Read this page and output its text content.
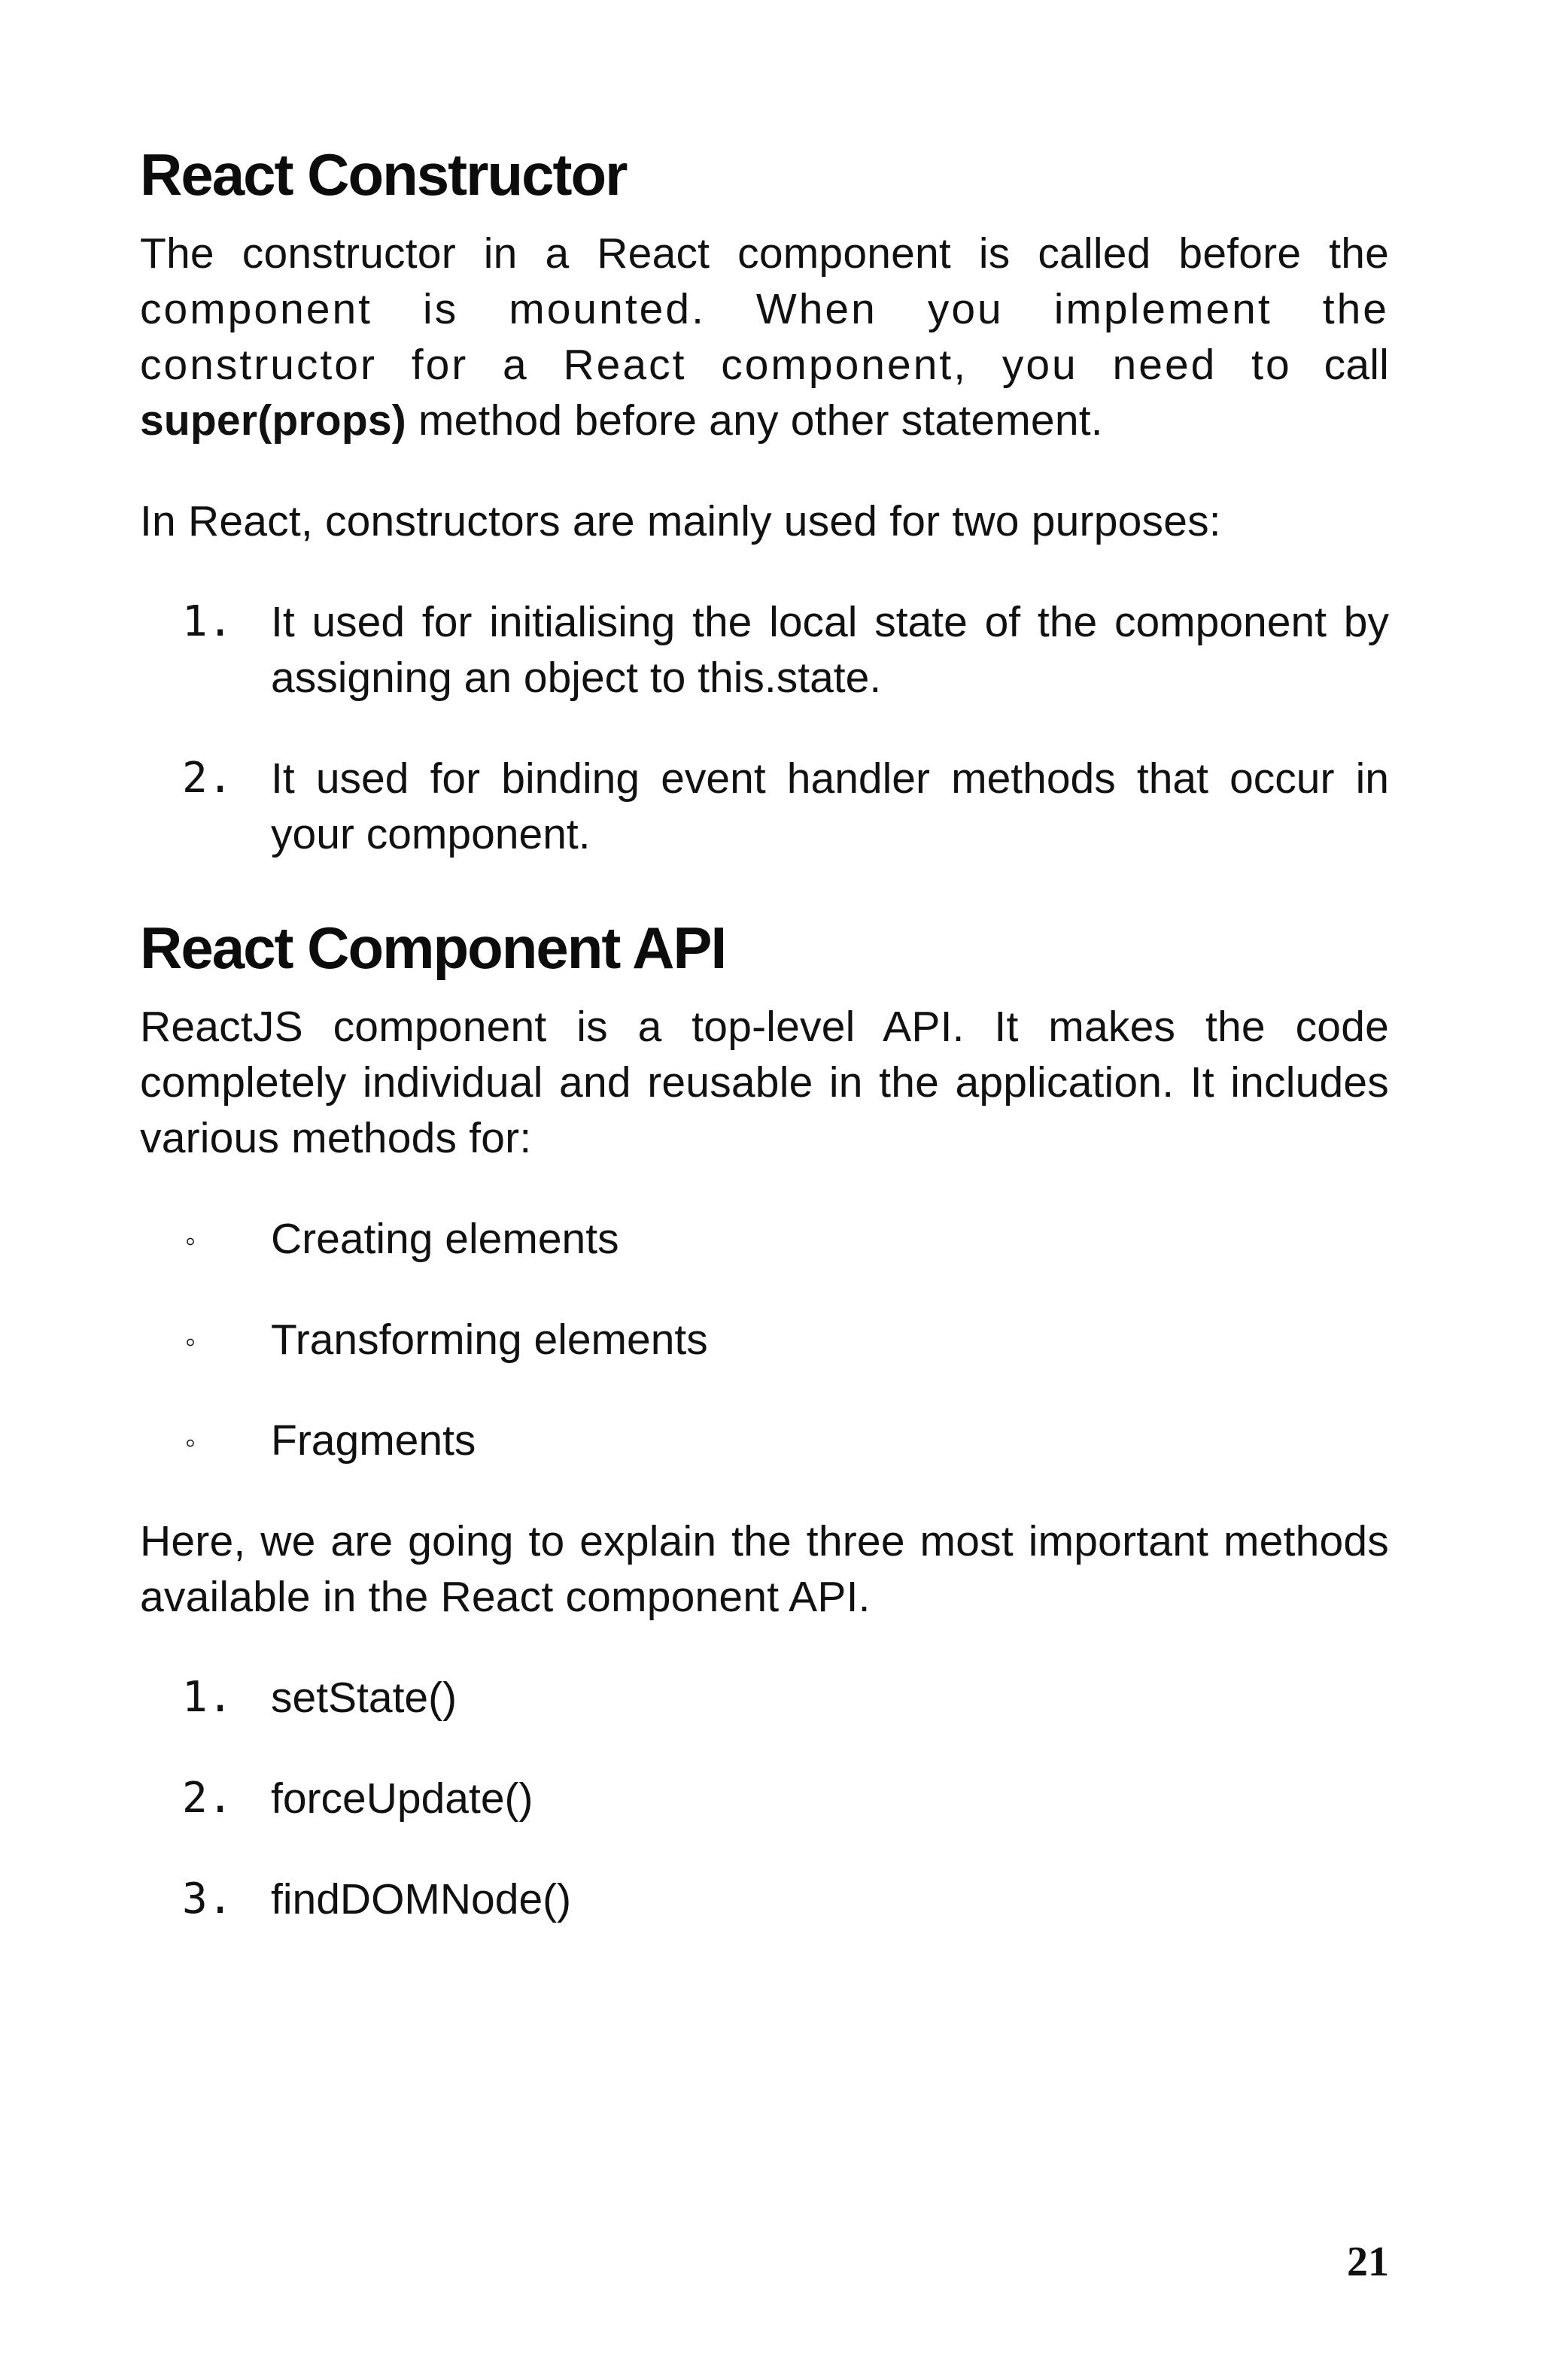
React Constructor

The constructor in a React component is called before the component is mounted. When you implement the constructor for a React component, you need to call super(props) method before any other statement.

In React, constructors are mainly used for two purposes:

1. It used for initialising the local state of the component by assigning an object to this.state.
2. It used for binding event handler methods that occur in your component.
React Component API

ReactJS component is a top-level API. It makes the code completely individual and reusable in the application. It includes various methods for:

◦ Creating elements
◦ Transforming elements
◦ Fragments

Here, we are going to explain the three most important methods available in the React component API.

1. setState()
2. forceUpdate()
3. findDOMNode()
21
